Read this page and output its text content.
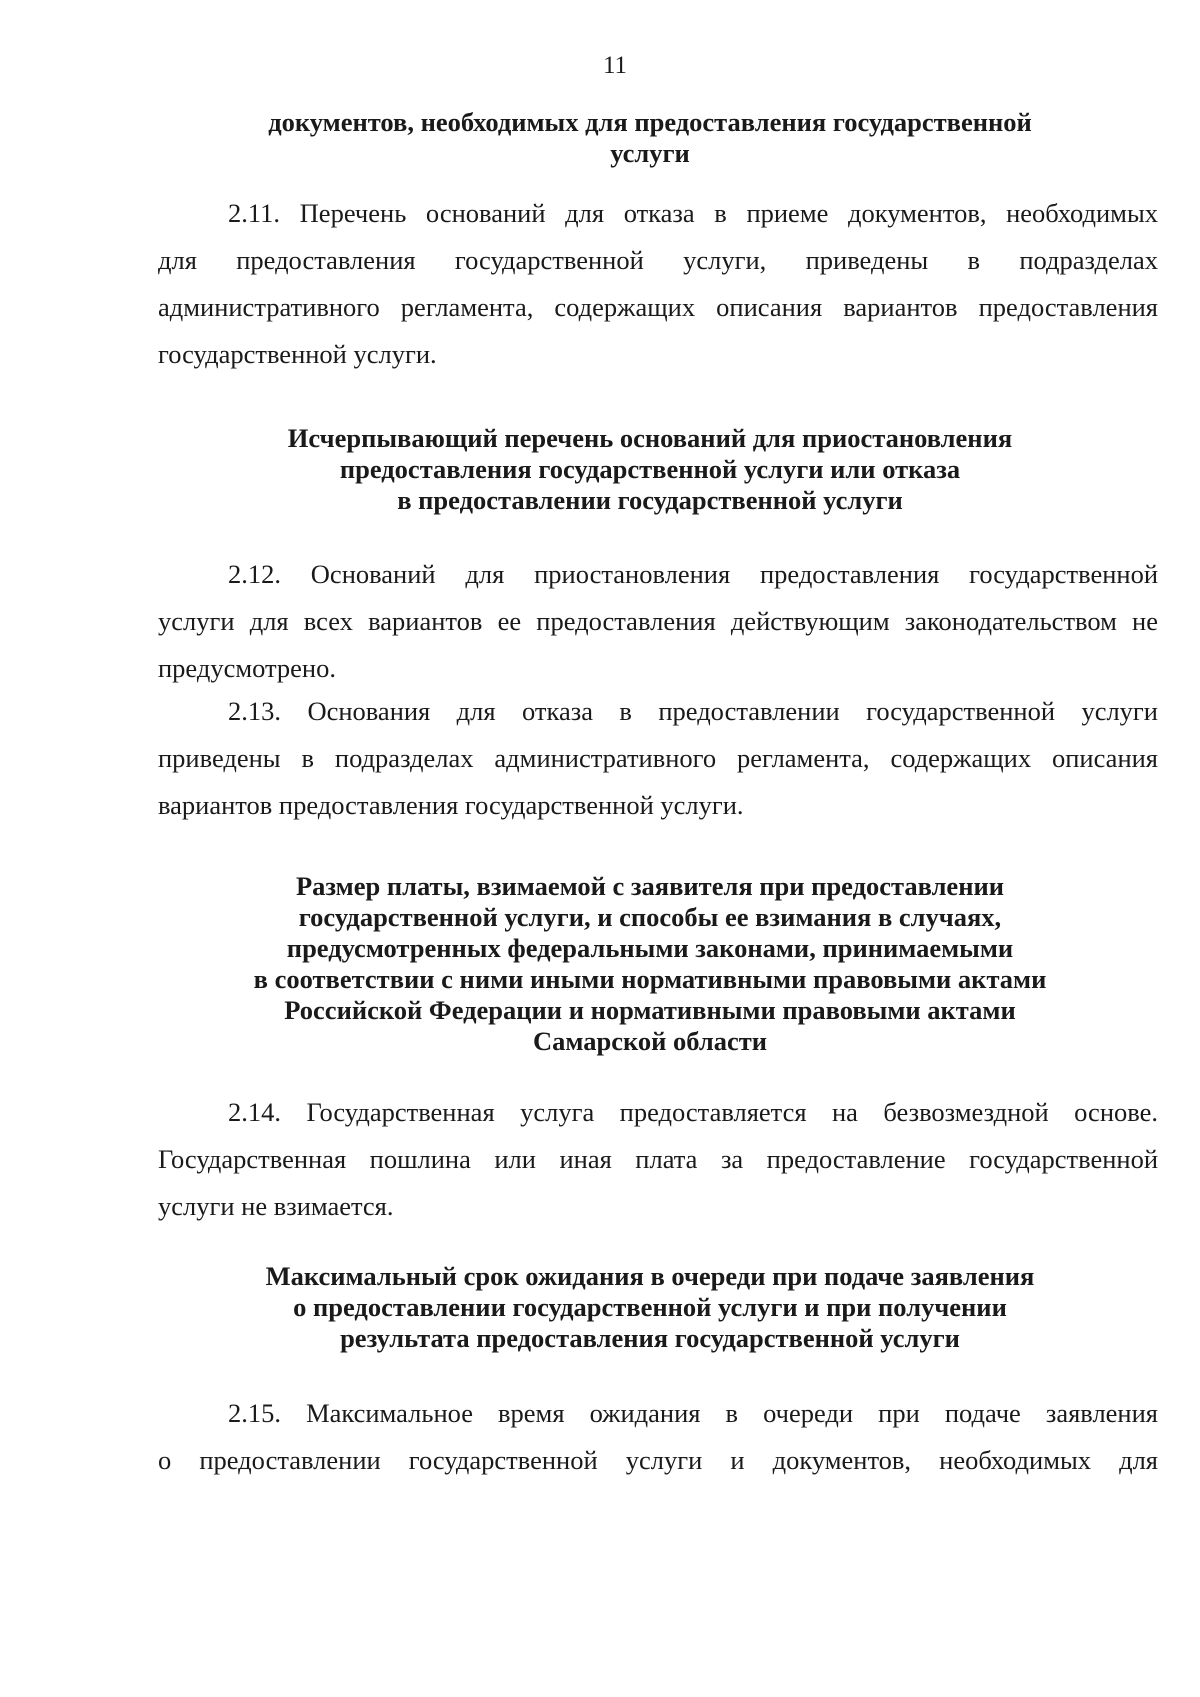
11
документов, необходимых для предоставления государственной
услуги
2.11. Перечень оснований для отказа в приеме документов, необходимых
для предоставления государственной услуги, приведены в подразделах
административного регламента, содержащих описания вариантов предоставления
государственной услуги.
Исчерпывающий перечень оснований для приостановления
предоставления государственной услуги или отказа
в предоставлении государственной услуги
2.12. Оснований для приостановления предоставления государственной
услуги для всех вариантов ее предоставления действующим законодательством не
предусмотрено.
2.13. Основания для отказа в предоставлении государственной услуги
приведены в подразделах административного регламента, содержащих описания
вариантов предоставления государственной услуги.
Размер платы, взимаемой с заявителя при предоставлении
государственной услуги, и способы ее взимания в случаях,
предусмотренных федеральными законами, принимаемыми
в соответствии с ними иными нормативными правовыми актами
Российской Федерации и нормативными правовыми актами
Самарской области
2.14. Государственная услуга предоставляется на безвозмездной основе.
Государственная пошлина или иная плата за предоставление государственной
услуги не взимается.
Максимальный срок ожидания в очереди при подаче заявления
о предоставлении государственной услуги и при получении
результата предоставления государственной услуги
2.15. Максимальное время ожидания в очереди при подаче заявления
о предоставлении государственной услуги и документов, необходимых для
